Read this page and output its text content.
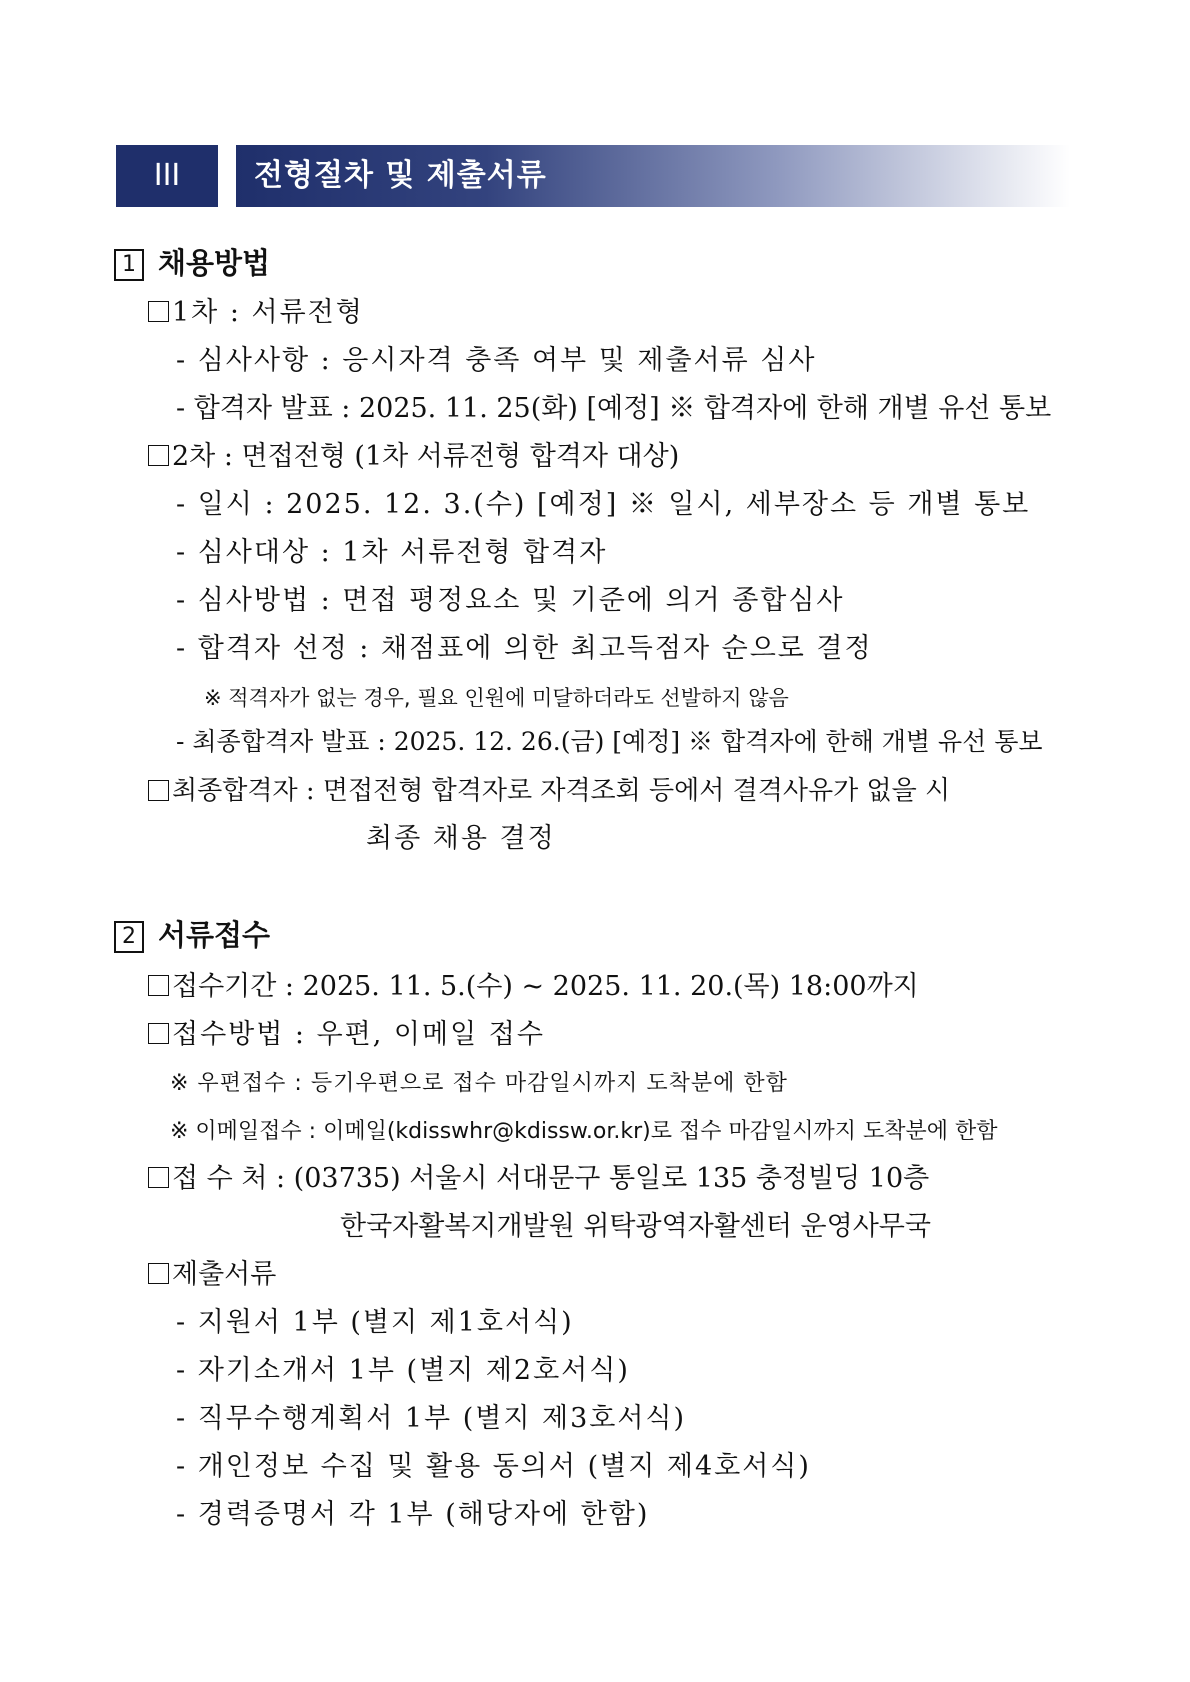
III	전형절차 및 제출서류
1 채용방법
1차 : 서류전형
- 심사사항 : 응시자격 충족 여부 및 제출서류 심사
- 합격자 발표 : 2025. 11. 25(화) [예정] ※ 합격자에 한해 개별 유선 통보
2차 : 면접전형 (1차 서류전형 합격자 대상)
- 일시 : 2025. 12. 3.(수) [예정] ※ 일시, 세부장소 등 개별 통보
- 심사대상 : 1차 서류전형 합격자
- 심사방법 : 면접 평정요소 및 기준에 의거 종합심사
- 합격자 선정 : 채점표에 의한 최고득점자 순으로 결정
※ 적격자가 없는 경우, 필요 인원에 미달하더라도 선발하지 않음
- 최종합격자 발표 : 2025. 12. 26.(금) [예정] ※ 합격자에 한해 개별 유선 통보
최종합격자 : 면접전형 합격자로 자격조회 등에서 결격사유가 없을 시
최종 채용 결정
2 서류접수
접수기간 : 2025. 11. 5.(수) ~ 2025. 11. 20.(목) 18:00까지
접수방법 : 우편, 이메일 접수
※ 우편접수 : 등기우편으로 접수 마감일시까지 도착분에 한함
※ 이메일접수 : 이메일(kdisswhr@kdissw.or.kr)로 접수 마감일시까지 도착분에 한함
접 수 처 : (03735) 서울시 서대문구 통일로 135 충정빌딩 10층
한국자활복지개발원 위탁광역자활센터 운영사무국
제출서류
- 지원서 1부 (별지 제1호서식)
- 자기소개서 1부 (별지 제2호서식)
- 직무수행계획서 1부 (별지 제3호서식)
- 개인정보 수집 및 활용 동의서 (별지 제4호서식)
- 경력증명서 각 1부 (해당자에 한함)
